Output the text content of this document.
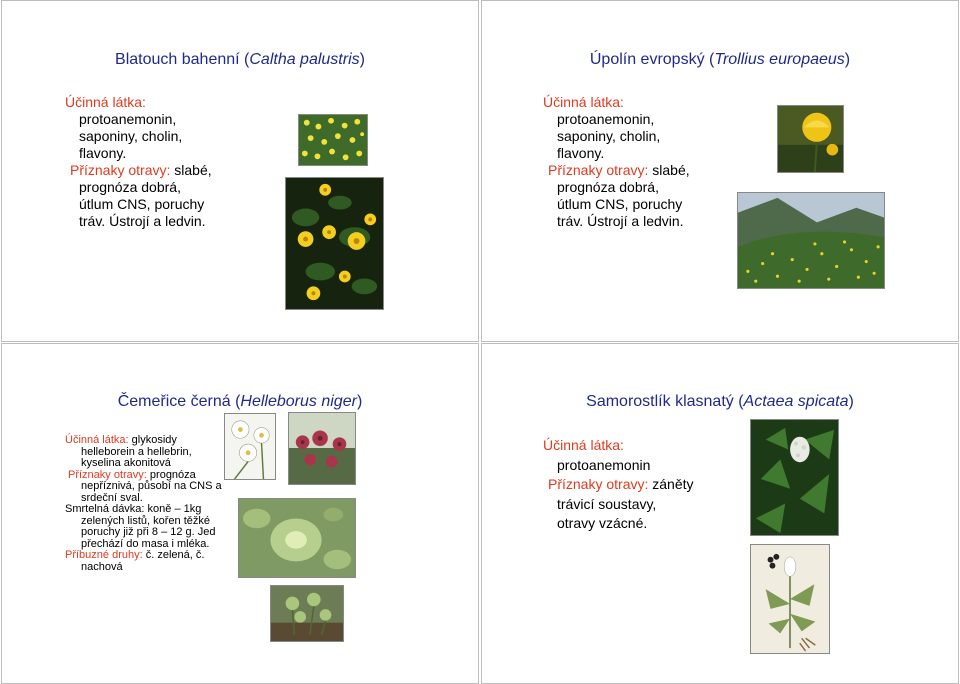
Blatouch bahenní (Caltha palustris)
Účinná látka:
protoanemonin,
saponiny, cholin,
flavony.
Příznaky otravy: slabé,
prognóza dobrá,
útlum CNS, poruchy
tráv. Ústrojí a ledvin.
Úpolín evropský (Trollius europaeus)
Účinná látka:
protoanemonin,
saponiny, cholin,
flavony.
Příznaky otravy: slabé,
prognóza dobrá,
útlum CNS, poruchy
tráv. Ústrojí a ledvin.
Čemeřice černá (Helleborus niger)
Účinná látka: glykosidy
helleborein a hellebrin,
kyselina akonitová
Příznaky otravy: prognóza
nepříznivá, působí na CNS a
srdeční sval.
Smrtelná dávka: koně – 1kg
zelených listů, kořen těžké
poruchy již při 8 – 12 g. Jed
přechází do masa i mléka.
Příbuzné druhy: č. zelená, č.
nachová
Samorostlík klasnatý (Actaea spicata)
Účinná látka:
protoanemonin
Příznaky otravy: záněty
trávicí soustavy,
otravy vzácné.
